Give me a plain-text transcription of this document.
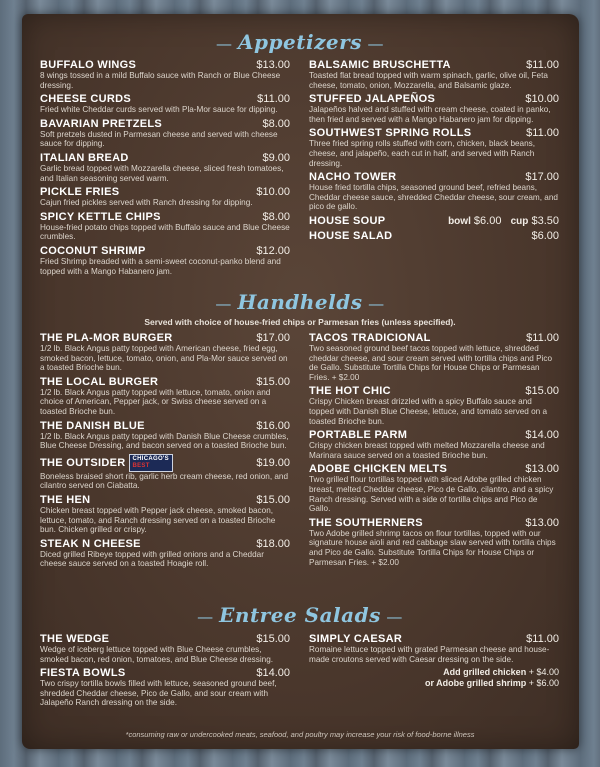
— Appetizers —
BUFFALO WINGS	$13.00
8 wings tossed in a mild Buffalo sauce with Ranch or Blue Cheese dressing.
CHEESE CURDS	$11.00
Fried white Cheddar curds served with Pla-Mor sauce for dipping.
BAVARIAN PRETZELS	$8.00
Soft pretzels dusted in Parmesan cheese and served with cheese sauce for dipping.
ITALIAN BREAD	$9.00
Garlic bread topped with Mozzarella cheese, sliced fresh tomatoes, and Italian seasoning served warm.
PICKLE FRIES	$10.00
Cajun fried pickles served with Ranch dressing for dipping.
SPICY KETTLE CHIPS	$8.00
House-fried potato chips topped with Buffalo sauce and Blue Cheese crumbles.
COCONUT SHRIMP	$12.00
Fried Shrimp breaded with a semi-sweet coconut-panko blend and topped with a Mango Habanero jam.
BALSAMIC BRUSCHETTA	$11.00
Toasted flat bread topped with warm spinach, garlic, olive oil, Feta cheese, tomato, onion, Mozzarella, and Balsamic glaze.
STUFFED JALAPEÑOS	$10.00
Jalapeños halved and stuffed with cream cheese, coated in panko, then fried and served with a Mango Habanero jam for dipping.
SOUTHWEST SPRING ROLLS	$11.00
Three fried spring rolls stuffed with corn, chicken, black beans, cheese, and jalapeño, each cut in half, and served with Ranch dressing.
NACHO TOWER	$17.00
House fried tortilla chips, seasoned ground beef, refried beans, Cheddar cheese sauce, shredded Cheddar cheese, sour cream, and pico de gallo.
HOUSE SOUP	bowl $6.00 cup $3.50
HOUSE SALAD	$6.00
— Handhelds —
Served with choice of house-fried chips or Parmesan fries (unless specified).
THE PLA-MOR BURGER	$17.00
1/2 lb. Black Angus patty topped with American cheese, fried egg, smoked bacon, lettuce, tomato, onion, and Pla-Mor sauce served on a toasted Brioche bun.
THE LOCAL BURGER	$15.00
1/2 lb. Black Angus patty topped with lettuce, tomato, onion and choice of American, Pepper jack, or Swiss cheese served on a toasted Brioche bun.
THE DANISH BLUE	$16.00
1/2 lb. Black Angus patty topped with Danish Blue Cheese crumbles, Blue Cheese Dressing, and bacon served on a toasted Brioche bun.
THE OUTSIDER CHICAGO'S
BEST	$19.00
Boneless braised short rib, garlic herb cream cheese, red onion, and cilantro served on Ciabatta.
THE HEN	$15.00
Chicken breast topped with Pepper jack cheese, smoked bacon, lettuce, tomato, and Ranch dressing served on a toasted Brioche bun. Chicken grilled or crispy.
STEAK N CHEESE	$18.00
Diced grilled Ribeye topped with grilled onions and a Cheddar cheese sauce served on a toasted Hoagie roll.
TACOS TRADICIONAL	$11.00
Two seasoned ground beef tacos topped with lettuce, shredded cheddar cheese, and sour cream served with tortilla chips and Pico de Gallo. Substitute Tortilla Chips for House Chips or Parmesan Fries. + $2.00
THE HOT CHIC	$15.00
Crispy Chicken breast drizzled with a spicy Buffalo sauce and topped with Danish Blue Cheese, lettuce, and tomato served on a toasted Brioche bun.
PORTABLE PARM	$14.00
Crispy chicken breast topped with melted Mozzarella cheese and Marinara sauce served on a toasted Brioche bun.
ADOBE CHICKEN MELTS	$13.00
Two grilled flour tortillas topped with sliced Adobe grilled chicken breast, melted Cheddar cheese, Pico de Gallo, cilantro, and a spicy Ranch dressing. Served with a side of tortilla chips and Pico de Gallo.
THE SOUTHERNERS	$13.00
Two Adobe grilled shrimp tacos on flour tortillas, topped with our signature house aioli and red cabbage slaw served with tortilla chips and Pico de Gallo. Substitute Tortilla Chips for House Chips or Parmesan Fries. + $2.00
— Entree Salads —
THE WEDGE	$15.00
Wedge of iceberg lettuce topped with Blue Cheese crumbles, smoked bacon, red onion, tomatoes, and Blue Cheese dressing.
FIESTA BOWLS	$14.00
Two crispy tortilla bowls filled with lettuce, seasoned ground beef, shredded Cheddar cheese, Pico de Gallo, and sour cream with Jalapeño Ranch dressing on the side.
SIMPLY CAESAR	$11.00
Romaine lettuce topped with grated Parmesan cheese and house-made croutons served with Caesar dressing on the side.
Add grilled chicken + $4.00
or Adobe grilled shrimp + $6.00
*consuming raw or undercooked meats, seafood, and poultry may increase your risk of food-borne illness
